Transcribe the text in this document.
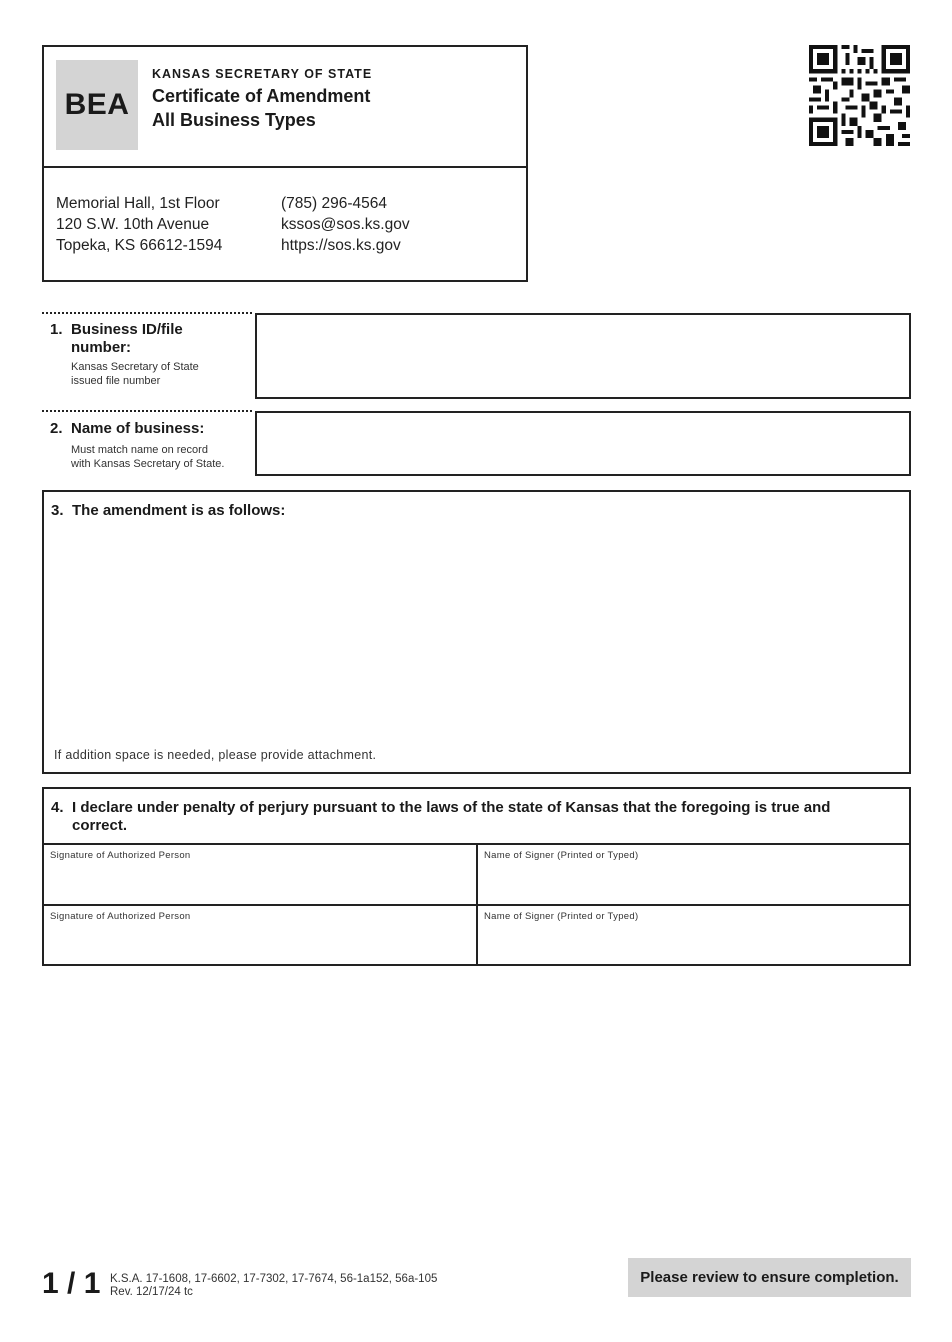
BEA
KANSAS SECRETARY OF STATE
Certificate of Amendment
All Business Types
Memorial Hall, 1st Floor
120 S.W. 10th Avenue
Topeka, KS 66612-1594
(785) 296-4564
kssos@sos.ks.gov
https://sos.ks.gov
1. Business ID/file
number:
Kansas Secretary of State
issued file number
2. Name of business:
Must match name on record
with Kansas Secretary of State.
3. The amendment is as follows:
If addition space is needed, please provide attachment.
4. I declare under penalty of perjury pursuant to the laws of the state of Kansas that the foregoing is true and correct.
Signature of Authorized Person	Name of Signer (Printed or Typed)
Signature of Authorized Person	Name of Signer (Printed or Typed)
1 / 1 K.S.A. 17-1608, 17-6602, 17-7302, 17-7674, 56-1a152, 56a-105
Rev. 12/17/24 tc
Please review to ensure completion.
